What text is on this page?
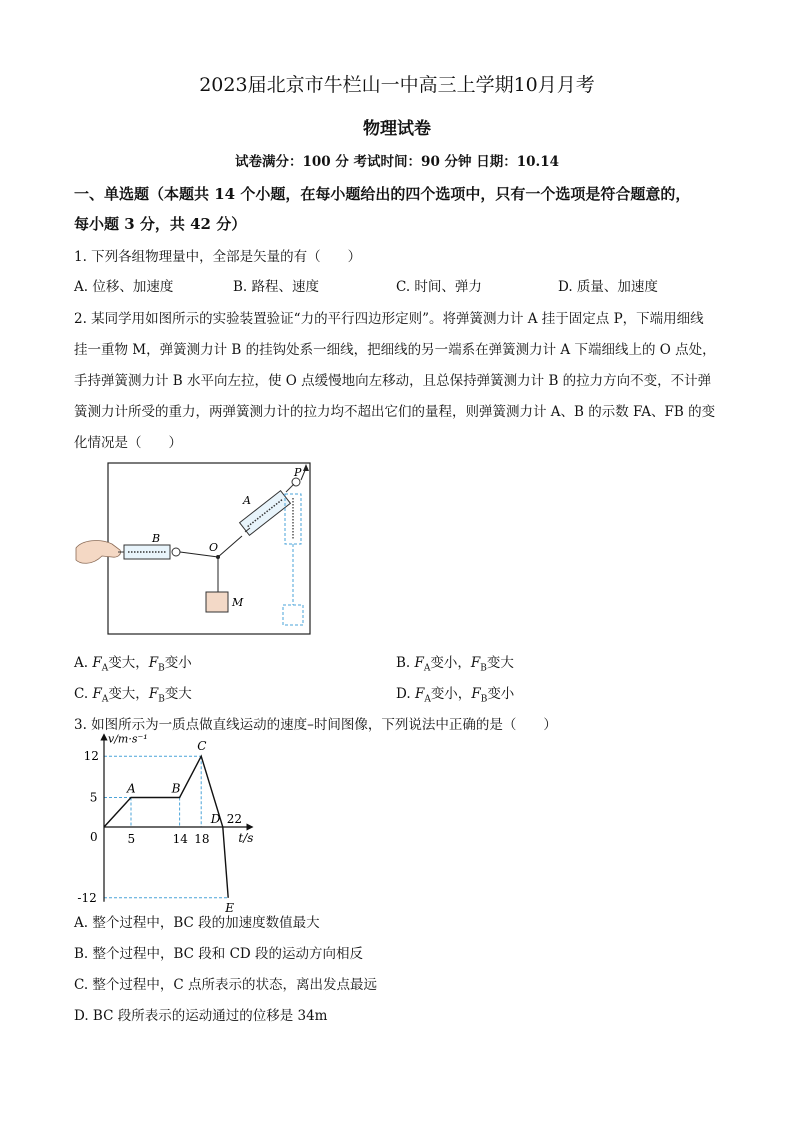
2023届北京市牛栏山一中高三上学期10月月考
物理试卷
试卷满分：100 分 考试时间：90 分钟 日期：10.14
一、单选题（本题共 14 个小题，在每小题给出的四个选项中，只有一个选项是符合题意的，
每小题 3 分，共 42 分）
1. 下列各组物理量中，全部是矢量的有（　　）
A. 位移、加速度	B. 路程、速度	C. 时间、弹力	D. 质量、加速度
2. 某同学用如图所示的实验装置验证“力的平行四边形定则”。将弹簧测力计 A 挂于固定点 P，下端用细线
挂一重物 M，弹簧测力计 B 的挂钩处系一细线，把细线的另一端系在弹簧测力计 A 下端细线上的 O 点处，
手持弹簧测力计 B 水平向左拉，使 O 点缓慢地向左移动，且总保持弹簧测力计 B 的拉力方向不变，不计弹
簧测力计所受的重力，两弹簧测力计的拉力均不超出它们的量程，则弹簧测力计 A、B 的示数 FA、FB 的变
化情况是（　　）
P
A
B
O
M
A. $F_A$变大，$F_B$变小	B. $F_A$变小，$F_B$变大
C. $F_A$变大，$F_B$变大	D. $F_A$变小，$F_B$变小
3. 如图所示为一质点做直线运动的速度–时间图像，下列说法中正确的是（　　）
0 5	14 18
22
12
5
-12
A	B
C
D
E
t/s
v/m·s⁻¹
A. 整个过程中，BC 段的加速度数值最大
B. 整个过程中，BC 段和 CD 段的运动方向相反
C. 整个过程中，C 点所表示的状态，离出发点最远
D. BC 段所表示的运动通过的位移是 34m
